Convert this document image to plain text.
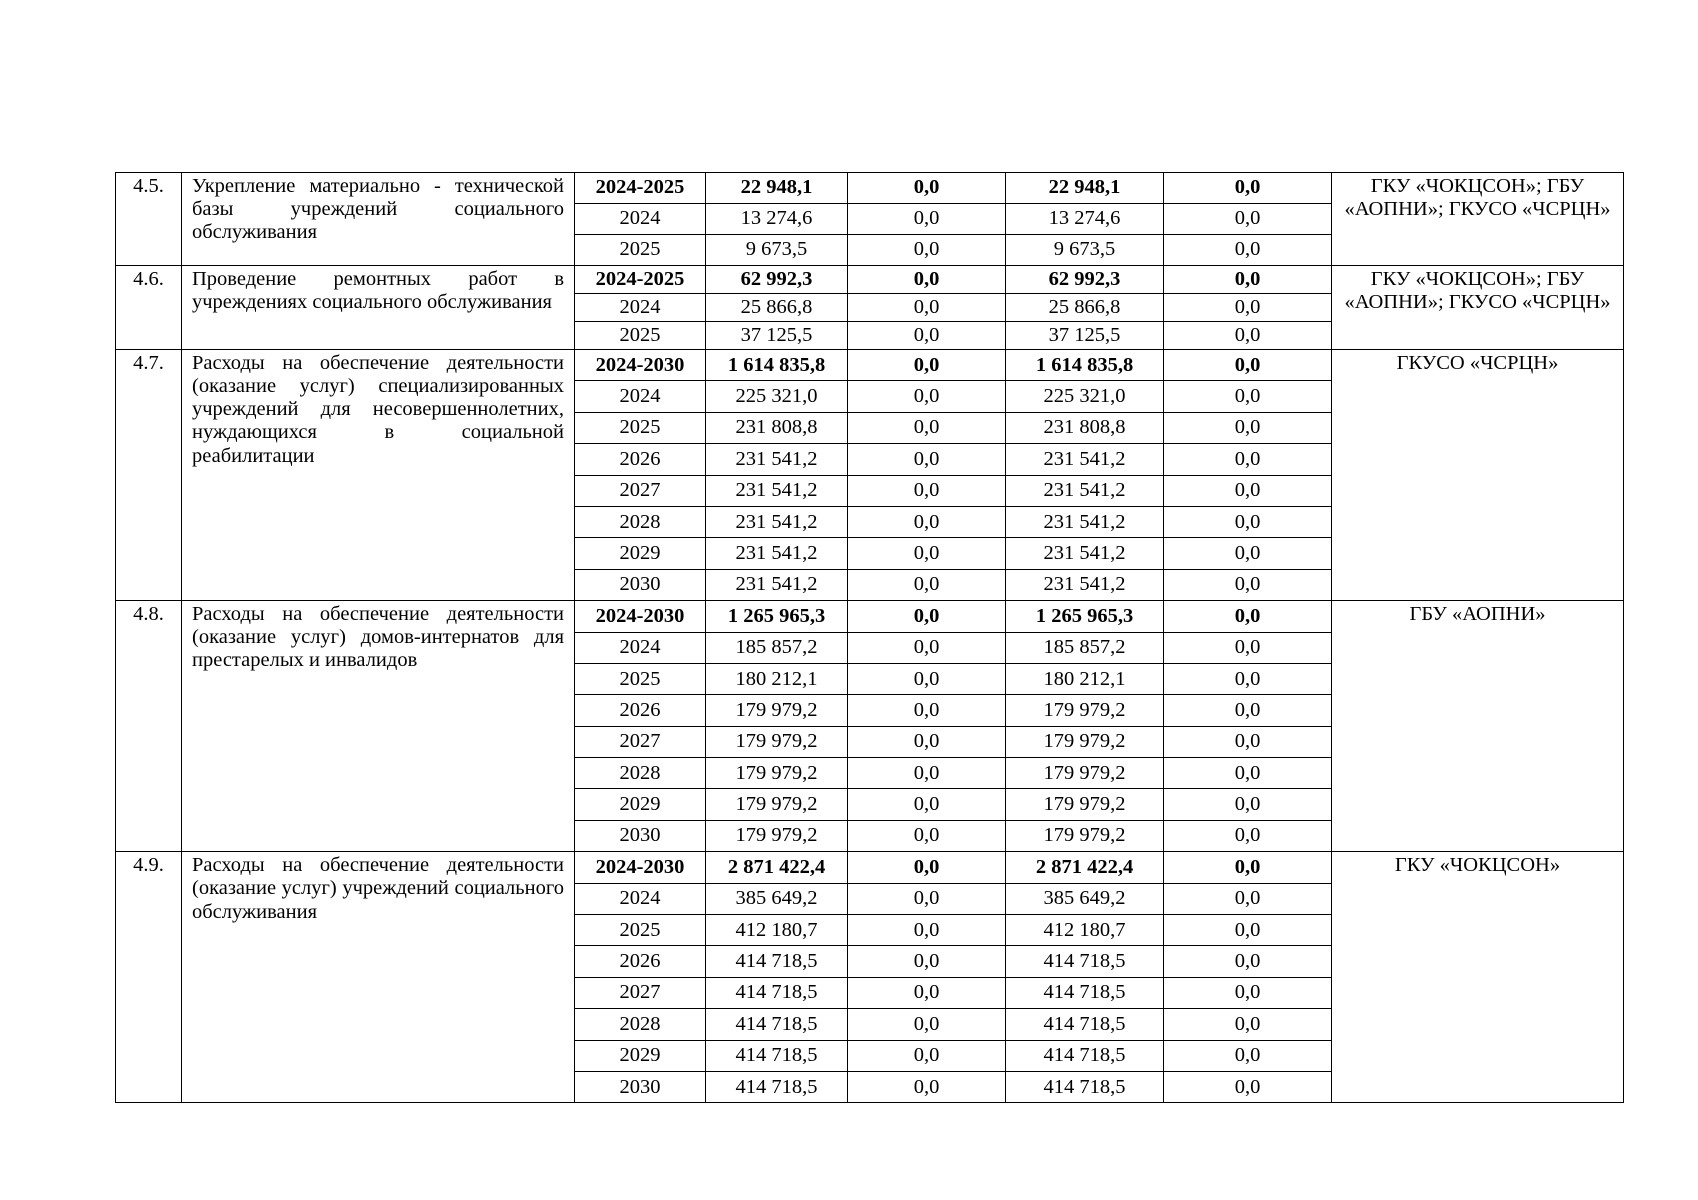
4.5.	Укрепление материально - технической базы учреждений социального обслуживания	2024-2025	22 948,1	0,0	22 948,1	0,0	ГКУ «ЧОКЦСОН»; ГБУ «АОПНИ»; ГКУСО «ЧСРЦН»
		2024	13 274,6	0,0	13 274,6	0,0	
		2025	9 673,5	0,0	9 673,5	0,0	
4.6.	Проведение ремонтных работ в учреждениях социального обслуживания	2024-2025	62 992,3	0,0	62 992,3	0,0	ГКУ «ЧОКЦСОН»; ГБУ «АОПНИ»; ГКУСО «ЧСРЦН»
		2024	25 866,8	0,0	25 866,8	0,0	
		2025	37 125,5	0,0	37 125,5	0,0	
4.7.	Расходы на обеспечение деятельности (оказание услуг) специализированных учреждений для несовершеннолетних, нуждающихся в социальной реабилитации	2024-2030	1 614 835,8	0,0	1 614 835,8	0,0	ГКУСО «ЧСРЦН»
		2024	225 321,0	0,0	225 321,0	0,0	
		2025	231 808,8	0,0	231 808,8	0,0	
		2026	231 541,2	0,0	231 541,2	0,0	
		2027	231 541,2	0,0	231 541,2	0,0	
		2028	231 541,2	0,0	231 541,2	0,0	
		2029	231 541,2	0,0	231 541,2	0,0	
		2030	231 541,2	0,0	231 541,2	0,0	
4.8.	Расходы на обеспечение деятельности (оказание услуг) домов-интернатов для престарелых и инвалидов	2024-2030	1 265 965,3	0,0	1 265 965,3	0,0	ГБУ «АОПНИ»
		2024	185 857,2	0,0	185 857,2	0,0	
		2025	180 212,1	0,0	180 212,1	0,0	
		2026	179 979,2	0,0	179 979,2	0,0	
		2027	179 979,2	0,0	179 979,2	0,0	
		2028	179 979,2	0,0	179 979,2	0,0	
		2029	179 979,2	0,0	179 979,2	0,0	
		2030	179 979,2	0,0	179 979,2	0,0	
4.9.	Расходы на обеспечение деятельности (оказание услуг) учреждений социального обслуживания	2024-2030	2 871 422,4	0,0	2 871 422,4	0,0	ГКУ «ЧОКЦСОН»
		2024	385 649,2	0,0	385 649,2	0,0	
		2025	412 180,7	0,0	412 180,7	0,0	
		2026	414 718,5	0,0	414 718,5	0,0	
		2027	414 718,5	0,0	414 718,5	0,0	
		2028	414 718,5	0,0	414 718,5	0,0	
		2029	414 718,5	0,0	414 718,5	0,0	
		2030	414 718,5	0,0	414 718,5	0,0	
